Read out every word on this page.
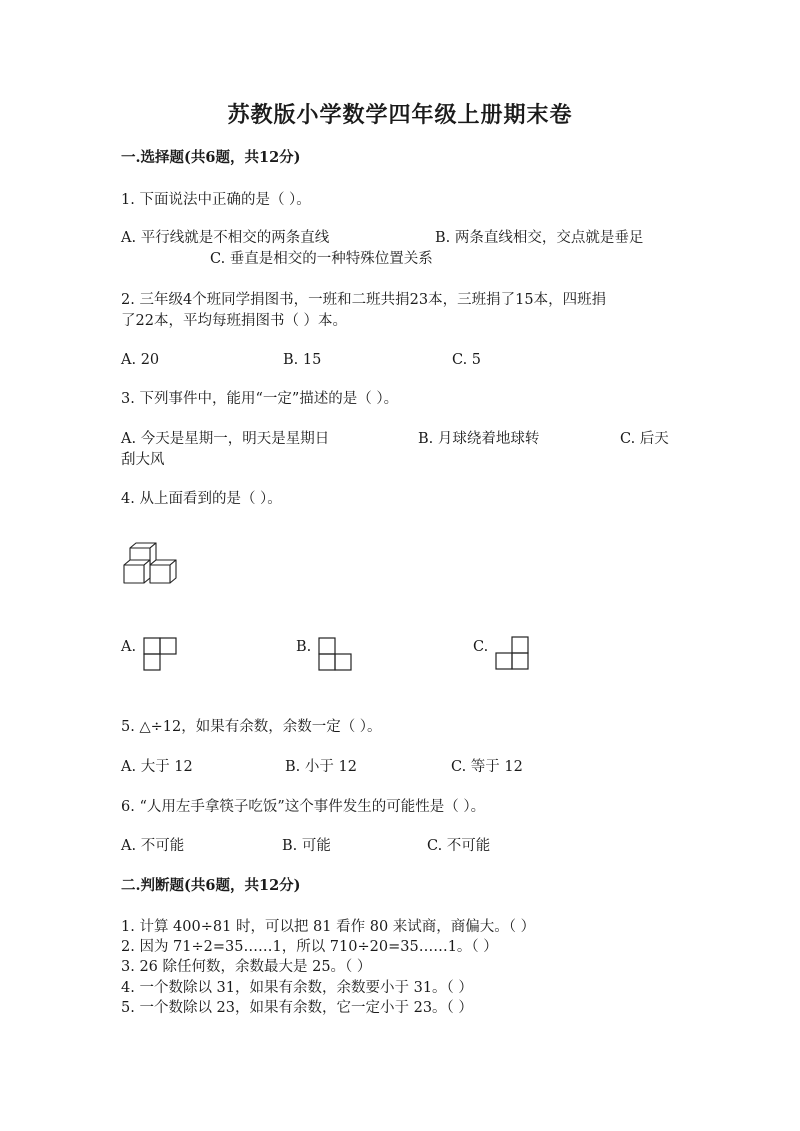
苏教版小学数学四年级上册期末卷
一.选择题(共6题，共12分)
1. 下面说法中正确的是（ ）。
A. 平行线就是不相交的两条直线	B. 两条直线相交，交点就是垂足
C. 垂直是相交的一种特殊位置关系
2. 三年级4个班同学捐图书，一班和二班共捐23本，三班捐了15本，四班捐
了22本，平均每班捐图书（ ）本。
A. 20	B. 15	C. 5
3. 下列事件中，能用“一定”描述的是（ ）。
A. 今天是星期一，明天是星期日	B. 月球绕着地球转	C. 后天
刮大风
4. 从上面看到的是（ ）。
A.	B.	C.
5. △÷12，如果有余数，余数一定（ ）。
A. 大于 12	B. 小于 12	C. 等于 12
6. “人用左手拿筷子吃饭”这个事件发生的可能性是（ ）。
A. 不可能	B. 可能	C. 不可能
二.判断题(共6题，共12分)
1. 计算 400÷81 时，可以把 81 看作 80 来试商，商偏大。（ ）
2. 因为 71÷2=35……1，所以 710÷20=35……1。（ ）
3. 26 除任何数，余数最大是 25。（ ）
4. 一个数除以 31，如果有余数，余数要小于 31。（ ）
5. 一个数除以 23，如果有余数，它一定小于 23。（ ）
